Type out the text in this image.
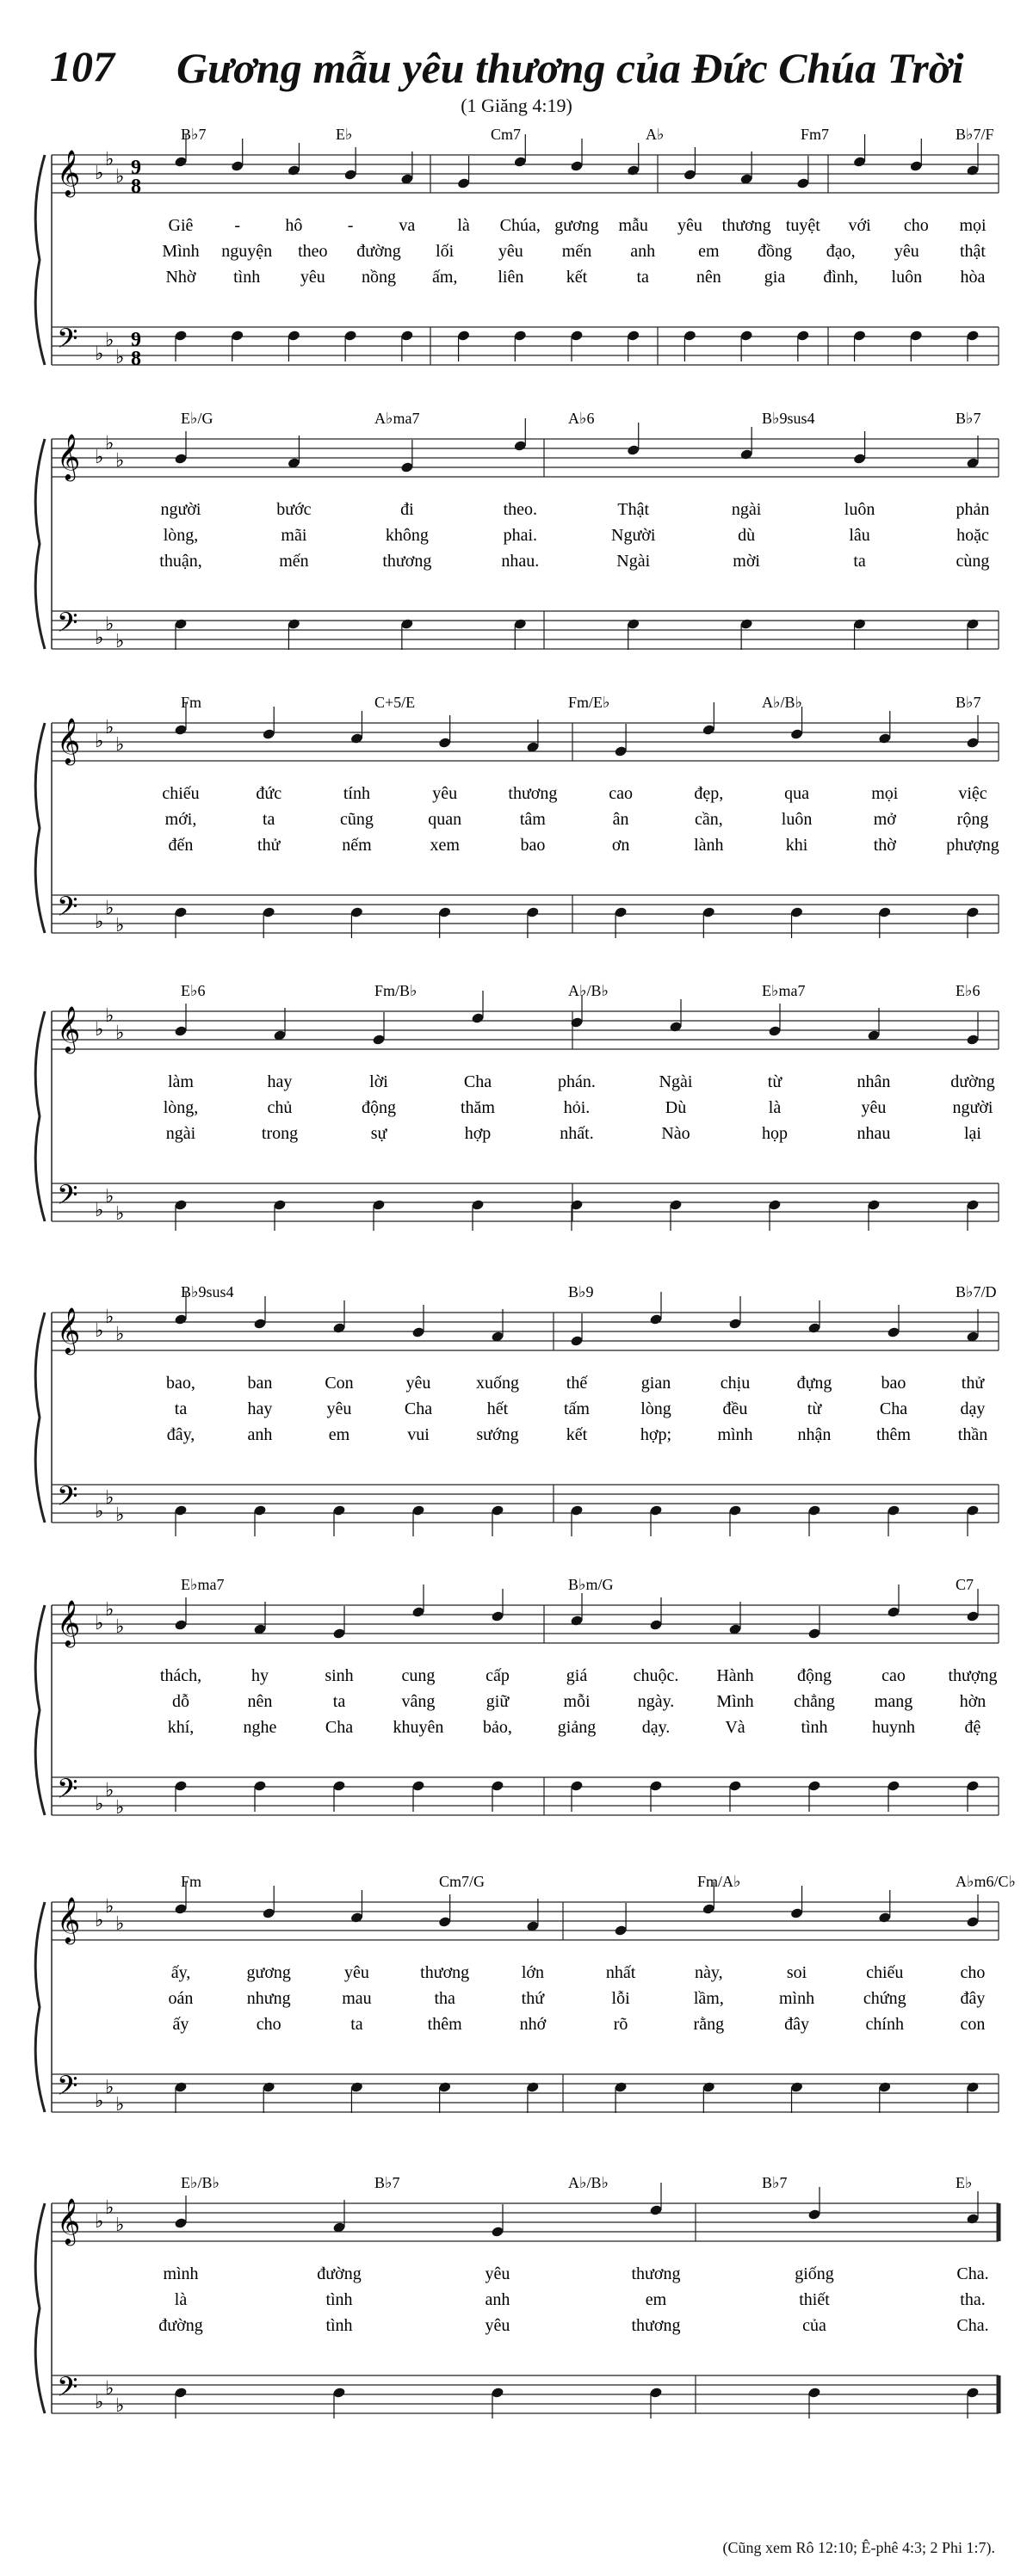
107 Gương mẫu yêu thương của Đức Chúa Trời
(1 Giăng 4:19)
𝄞
𝄢
♭
♭
♭
♭
♭
♭
9
8
9
8
B♭7	E♭	Cm7	A♭	Fm7	B♭7/F
Giê -	hô	-	va là Chúa, gương mẫu yêu thương tuyệt với cho mọi
Mình nguyện theo đường lối	yêu mến anh	em đồng đạo, yêu thật
Nhờ tình yêu nồng ấm, liên kết	ta	nên	gia đình, luôn hòa
𝄞
𝄢
♭
♭
♭
♭
♭
♭
E♭/G	A♭ma7	A♭6	B♭9sus4	B♭7
người	bước	đi	theo.	Thật	ngài	luôn	phản
lòng,	mãi	không	phai.	Người	dù	lâu	hoặc
thuận,	mến	thương	nhau.	Ngài	mời	ta	cùng
𝄞
𝄢
♭
♭
♭
♭
♭
♭
Fm	C+5/E	Fm/E♭	A♭/B♭	B♭7
chiếu	đức	tính	yêu	thương	cao	đẹp,	qua	mọi	việc
mới,	ta	cũng	quan	tâm	ân	cần,	luôn	mở	rộng
đến	thử	nếm	xem	bao	ơn	lành	khi	thờ	phượng
𝄞
𝄢
♭
♭
♭
♭
♭
♭
E♭6	Fm/B♭	A♭/B♭	E♭ma7	E♭6
làm	hay	lời	Cha	phán.	Ngài	từ	nhân	dường
lòng,	chủ	động	thăm	hỏi.	Dù	là	yêu	người
ngài	trong	sự	hợp	nhất.	Nào	họp	nhau	lại
𝄞
𝄢
♭
♭
♭
♭
♭
♭
B♭9sus4	B♭9	B♭7/D
bao,	ban	Con	yêu	xuống	thế	gian	chịu	đựng	bao	thử
ta	hay	yêu	Cha	hết	tấm	lòng	đều	từ	Cha	dạy
đây,	anh	em	vui	sướng	kết	hợp;	mình	nhận	thêm	thần
𝄞
𝄢
♭
♭
♭
♭
♭
♭
E♭ma7	B♭m/G	C7
thách,	hy	sinh	cung	cấp	giá	chuộc. Hành	động	cao thượng
dỗ	nên	ta	vâng	giữ	mỗi	ngày. Mình chẳng mang	hờn
khí,	nghe	Cha khuyên bảo,	giảng	dạy.	Và	tình	huynh	đệ
𝄞
𝄢
♭
♭
♭
♭
♭
♭
Fm	Cm7/G	Fm/A♭	A♭m6/C♭
ấy,	gương	yêu	thương	lớn	nhất	này,	soi	chiếu	cho
oán	nhưng	mau	tha	thứ	lỗi	lầm,	mình	chứng	đây
ấy	cho	ta	thêm	nhớ	rõ	rằng	đây	chính	con
𝄞
𝄢
♭
♭
♭
♭
♭
♭
E♭/B♭	B♭7	A♭/B♭	B♭7	E♭
mình	đường	yêu	thương	giống	Cha.
là	tình	anh	em	thiết	tha.
đường	tình	yêu	thương	của	Cha.
(Cũng xem Rô 12:10; Ê-phê 4:3; 2 Phi 1:7).
